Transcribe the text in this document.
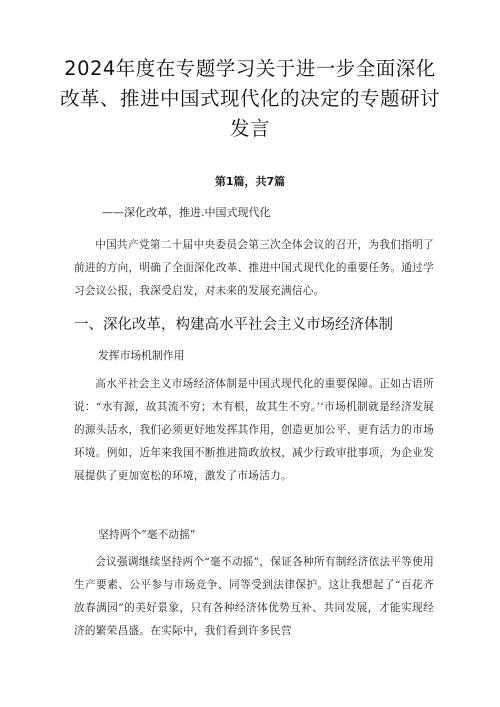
2024年度在专题学习关于进一步全面深化改革、推进中国式现代化的决定的专题研讨发言
第1篇，共7篇
——深化改革，推进.中国式现代化

中国共产党第二十届中央委员会第三次全体会议的召开，为我们指明了前进的方向，明确了全面深化改革、推进中国式现代化的重要任务。通过学习会议公报，我深受启发，对未来的发展充满信心。

一、深化改革，构建高水平社会主义市场经济体制
发挥市场机制作用

高水平社会主义市场经济体制是中国式现代化的重要保障。正如古语所说：“水有源，故其流不穷；木有根，故其生不穷。’‘市场机制就是经济发展的源头活水，我们必须更好地发挥其作用，创造更加公平、更有活力的市场环境。例如，近年来我国不断推进简政放权，减少行政审批事项，为企业发展提供了更加宽松的环境，激发了市场活力。

坚持两个“毫不动摇”

会议强调继续坚持两个“毫不动摇”，保证各种所有制经济依法平等使用生产要素、公平参与市场竞争、同等受到法律保护。这让我想起了“百花齐放春满园”的美好景象，只有各种经济体优势互补、共同发展，才能实现经济的繁荣昌盛。在实际中，我们看到许多民营
